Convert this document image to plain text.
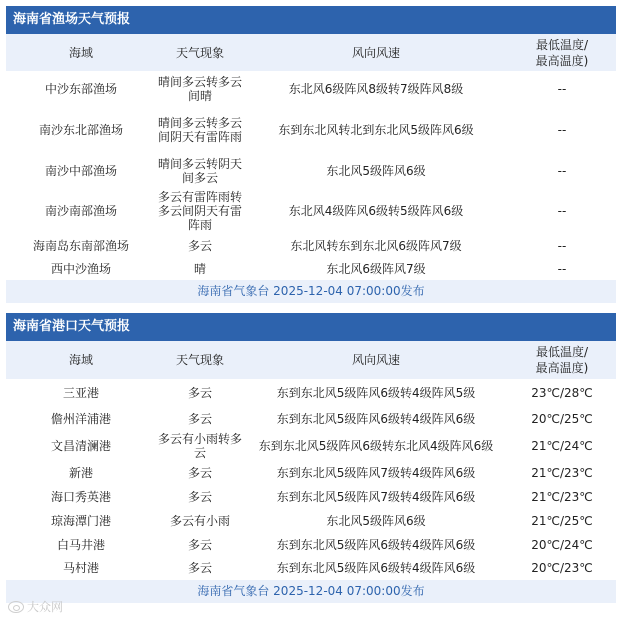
海南省渔场天气预报
海域	天气现象	风向风速	最低温度/
最高温度)
中沙东部渔场	晴间多云转多云间晴	东北风6级阵风8级转7级阵风8级	--
南沙东北部渔场	晴间多云转多云间阴天有雷阵雨	东到东北风转北到东北风5级阵风6级	--
南沙中部渔场	晴间多云转阴天间多云	东北风5级阵风6级	--
南沙南部渔场	多云有雷阵雨转多云间阴天有雷阵雨	东北风4级阵风6级转5级阵风6级	--
海南岛东南部渔场	多云	东北风转东到东北风6级阵风7级	--
西中沙渔场	晴	东北风6级阵风7级	--
海南省气象台 2025-12-04 07:00:00发布
海南省港口天气预报
海域	天气现象	风向风速	最低温度/
最高温度)
三亚港	多云	东到东北风5级阵风6级转4级阵风5级	23℃/28℃
儋州洋浦港	多云	东到东北风5级阵风6级转4级阵风6级	20℃/25℃
文昌清澜港	多云有小雨转多云	东到东北风5级阵风6级转东北风4级阵风6级	21℃/24℃
新港	多云	东到东北风5级阵风7级转4级阵风6级	21℃/23℃
海口秀英港	多云	东到东北风5级阵风7级转4级阵风6级	21℃/23℃
琼海潭门港	多云有小雨	东北风5级阵风6级	21℃/25℃
白马井港	多云	东到东北风5级阵风6级转4级阵风6级	20℃/24℃
马村港	多云	东到东北风5级阵风6级转4级阵风6级	20℃/23℃
海南省气象台 2025-12-04 07:00:00发布
大众网
